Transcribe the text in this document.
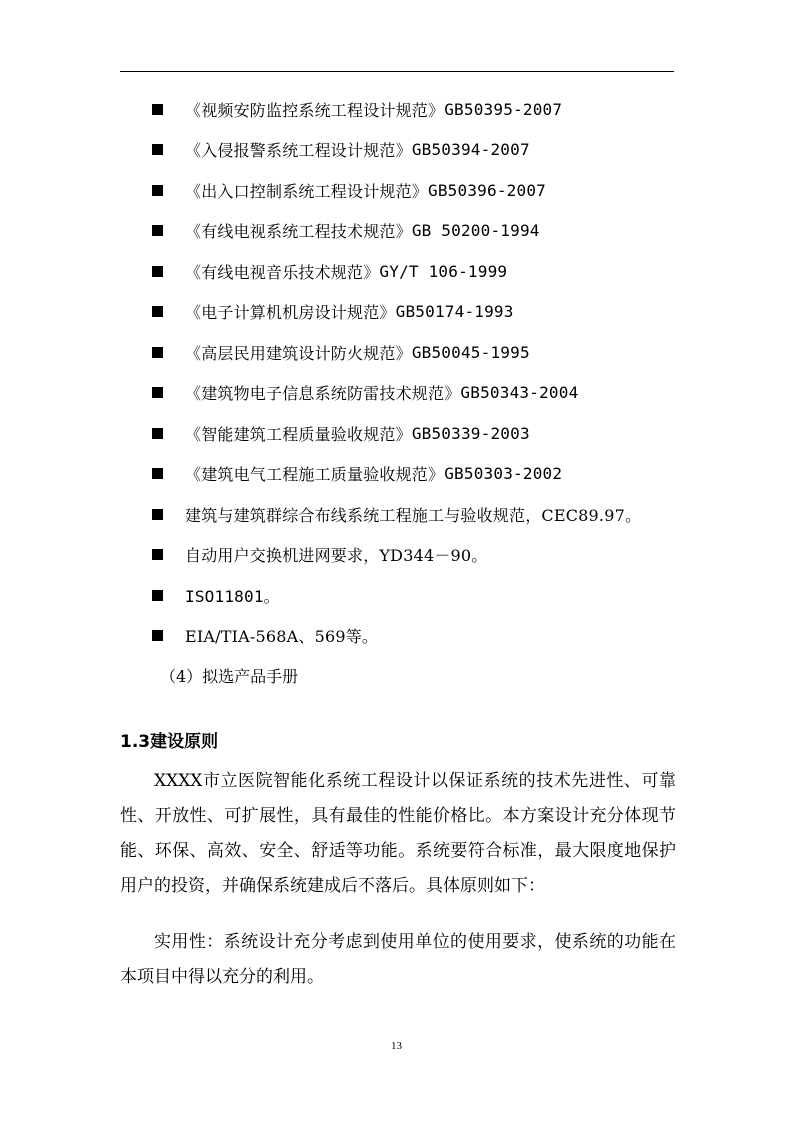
《视频安防监控系统工程设计规范》 GB50395-2007
《入侵报警系统工程设计规范》 GB50394-2007
《出入口控制系统工程设计规范》 GB50396-2007
《有线电视系统工程技术规范》 GB 50200-1994
《有线电视音乐技术规范》 GY/T 106-1999
《电子计算机机房设计规范》 GB50174-1993
《高层民用建筑设计防火规范》 GB50045-1995
《建筑物电子信息系统防雷技术规范》 GB50343-2004
《智能建筑工程质量验收规范》 GB50339-2003
《建筑电气工程施工质量验收规范》 GB50303-2002
建筑与建筑群综合布线系统工程施工与验收规范，CEC89.97。
自动用户交换机进网要求，YD344－90。
ISO11801。
EIA/TIA-568A、569等。
（4）拟选产品手册
1.3建设原则

XXXX市立医院智能化系统工程设计以保证系统的技术先进性、可靠性、开放性、可扩展性，具有最佳的性能价格比。本方案设计充分体现节能、环保、高效、安全、舒适等功能。系统要符合标准，最大限度地保护用户的投资，并确保系统建成后不落后。具体原则如下：

实用性：系统设计充分考虑到使用单位的使用要求，使系统的功能在本项目中得以充分的利用。

13
